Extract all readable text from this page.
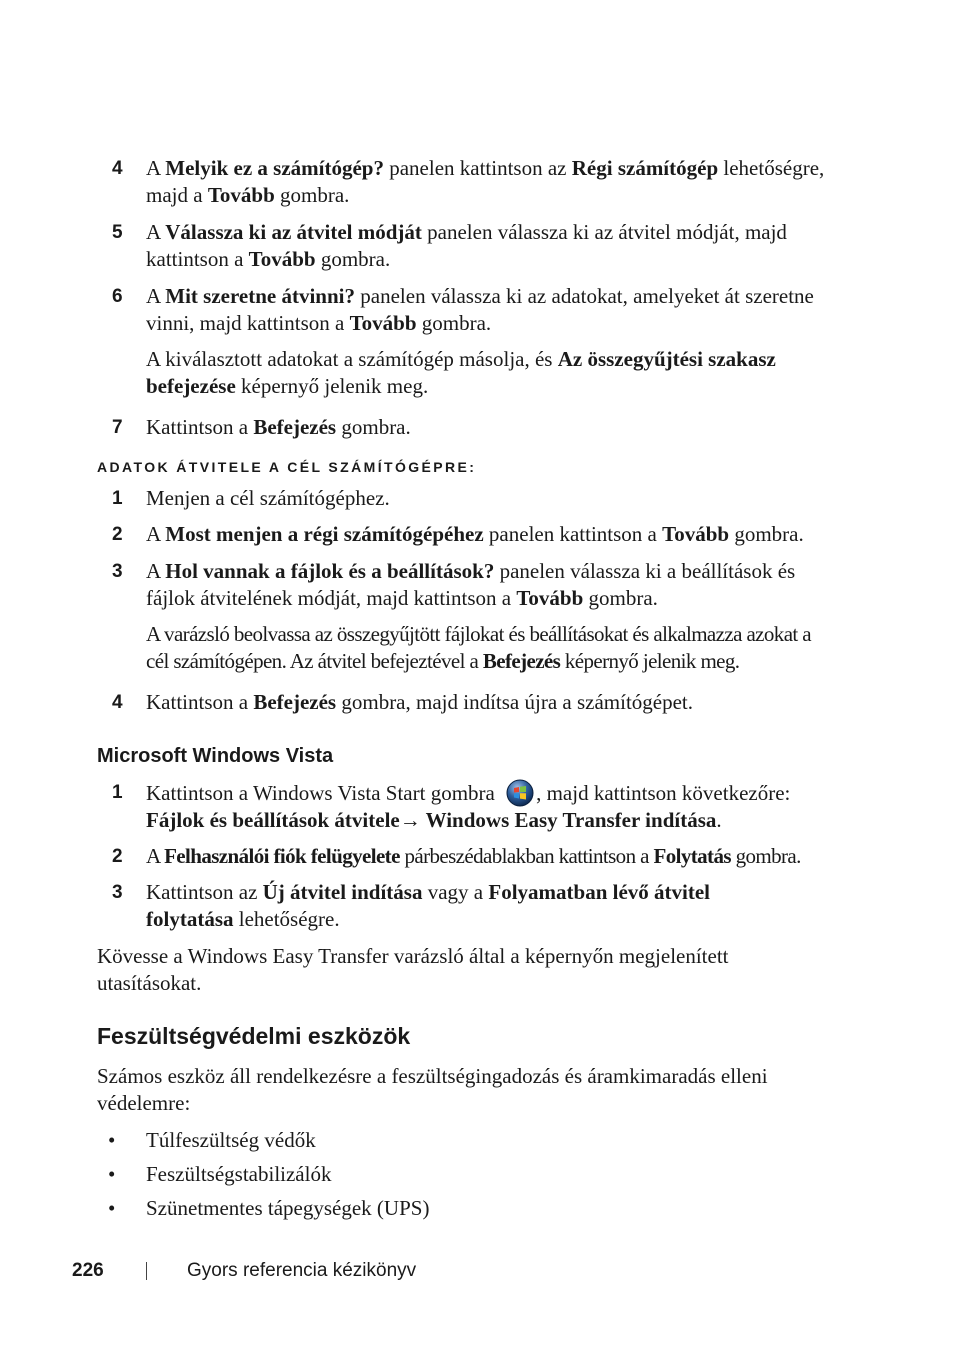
4 A Melyik ez a számítógép? panelen kattintson az Régi számítógép lehetőségre, majd a Tovább gombra.
5 A Válassza ki az átvitel módját panelen válassza ki az átvitel módját, majd kattintson a Tovább gombra.
6 A Mit szeretne átvinni? panelen válassza ki az adatokat, amelyeket át szeretne vinni, majd kattintson a Tovább gombra.
A kiválasztott adatokat a számítógép másolja, és Az összegyűjtési szakasz befejezése képernyő jelenik meg.
7 Kattintson a Befejezés gombra.
ADATOK ÁTVITELE A CÉL SZÁMÍTÓGÉPRE:
1 Menjen a cél számítógéphez.
2 A Most menjen a régi számítógépéhez panelen kattintson a Tovább gombra.
3 A Hol vannak a fájlok és a beállítások? panelen válassza ki a beállítások és fájlok átvitelének módját, majd kattintson a Tovább gombra.
A varázsló beolvassa az összegyűjtött fájlokat és beállításokat és alkalmazza azokat a cél számítógépen. Az átvitel befejeztével a Befejezés képernyő jelenik meg.
4 Kattintson a Befejezés gombra, majd indítsa újra a számítógépet.
Microsoft Windows Vista
1 Kattintson a Windows Vista Start gombra , majd kattintson következőre: Fájlok és beállítások átvitele→ Windows Easy Transfer indítása.
2 A Felhasználói fiók felügyelete párbeszédablakban kattintson a Folytatás gombra.
3 Kattintson az Új átvitel indítása vagy a Folyamatban lévő átvitel folytatása lehetőségre.
Kövesse a Windows Easy Transfer varázsló által a képernyőn megjelenített utasításokat.
Feszültségvédelmi eszközök
Számos eszköz áll rendelkezésre a feszültségingadozás és áramkimaradás elleni védelemre:
• Túlfeszültség védők
• Feszültségstabilizálók
• Szünetmentes tápegységek (UPS)
226	Gyors referencia kézikönyv
